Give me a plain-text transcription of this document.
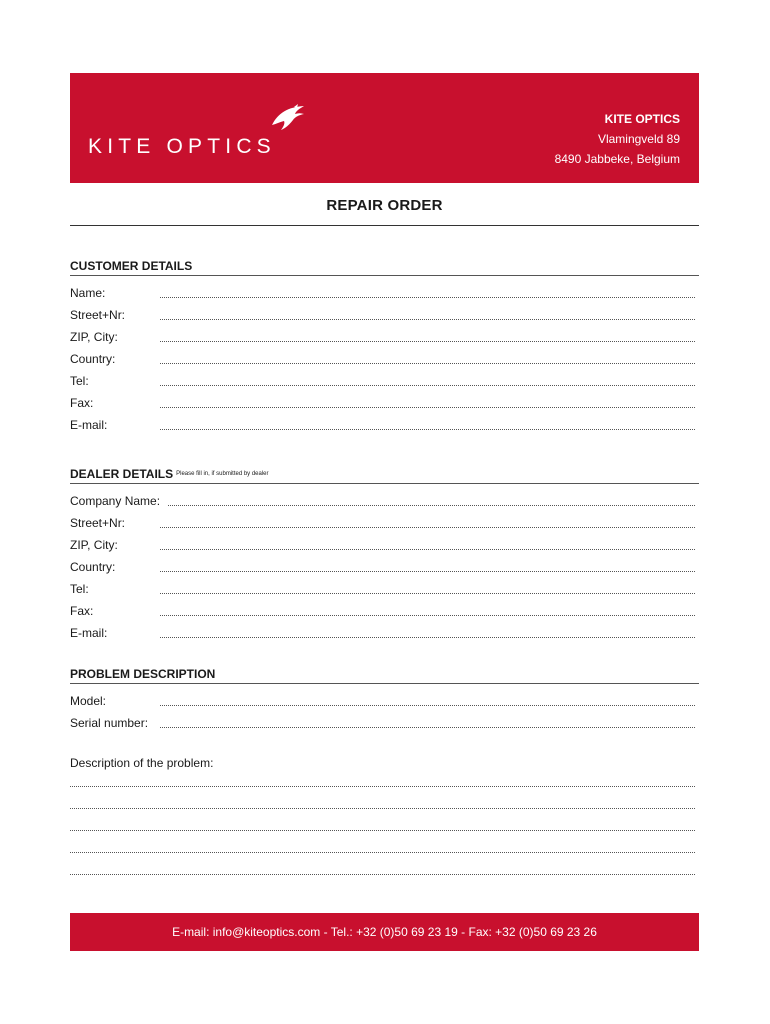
KITE OPTICS
KITE OPTICS
Vlamingveld 89
8490 Jabbeke, Belgium
REPAIR ORDER
CUSTOMER DETAILS
Name:
Street+Nr:
ZIP, City:
Country:
Tel:
Fax:
E-mail:
DEALER DETAILS Please fill in, if submitted by dealer
Company Name:
Street+Nr:
ZIP, City:
Country:
Tel:
Fax:
E-mail:
PROBLEM DESCRIPTION
Model:
Serial number:
Description of the problem:
E-mail: info@kiteoptics.com - Tel.: +32 (0)50 69 23 19 - Fax: +32 (0)50 69 23 26
